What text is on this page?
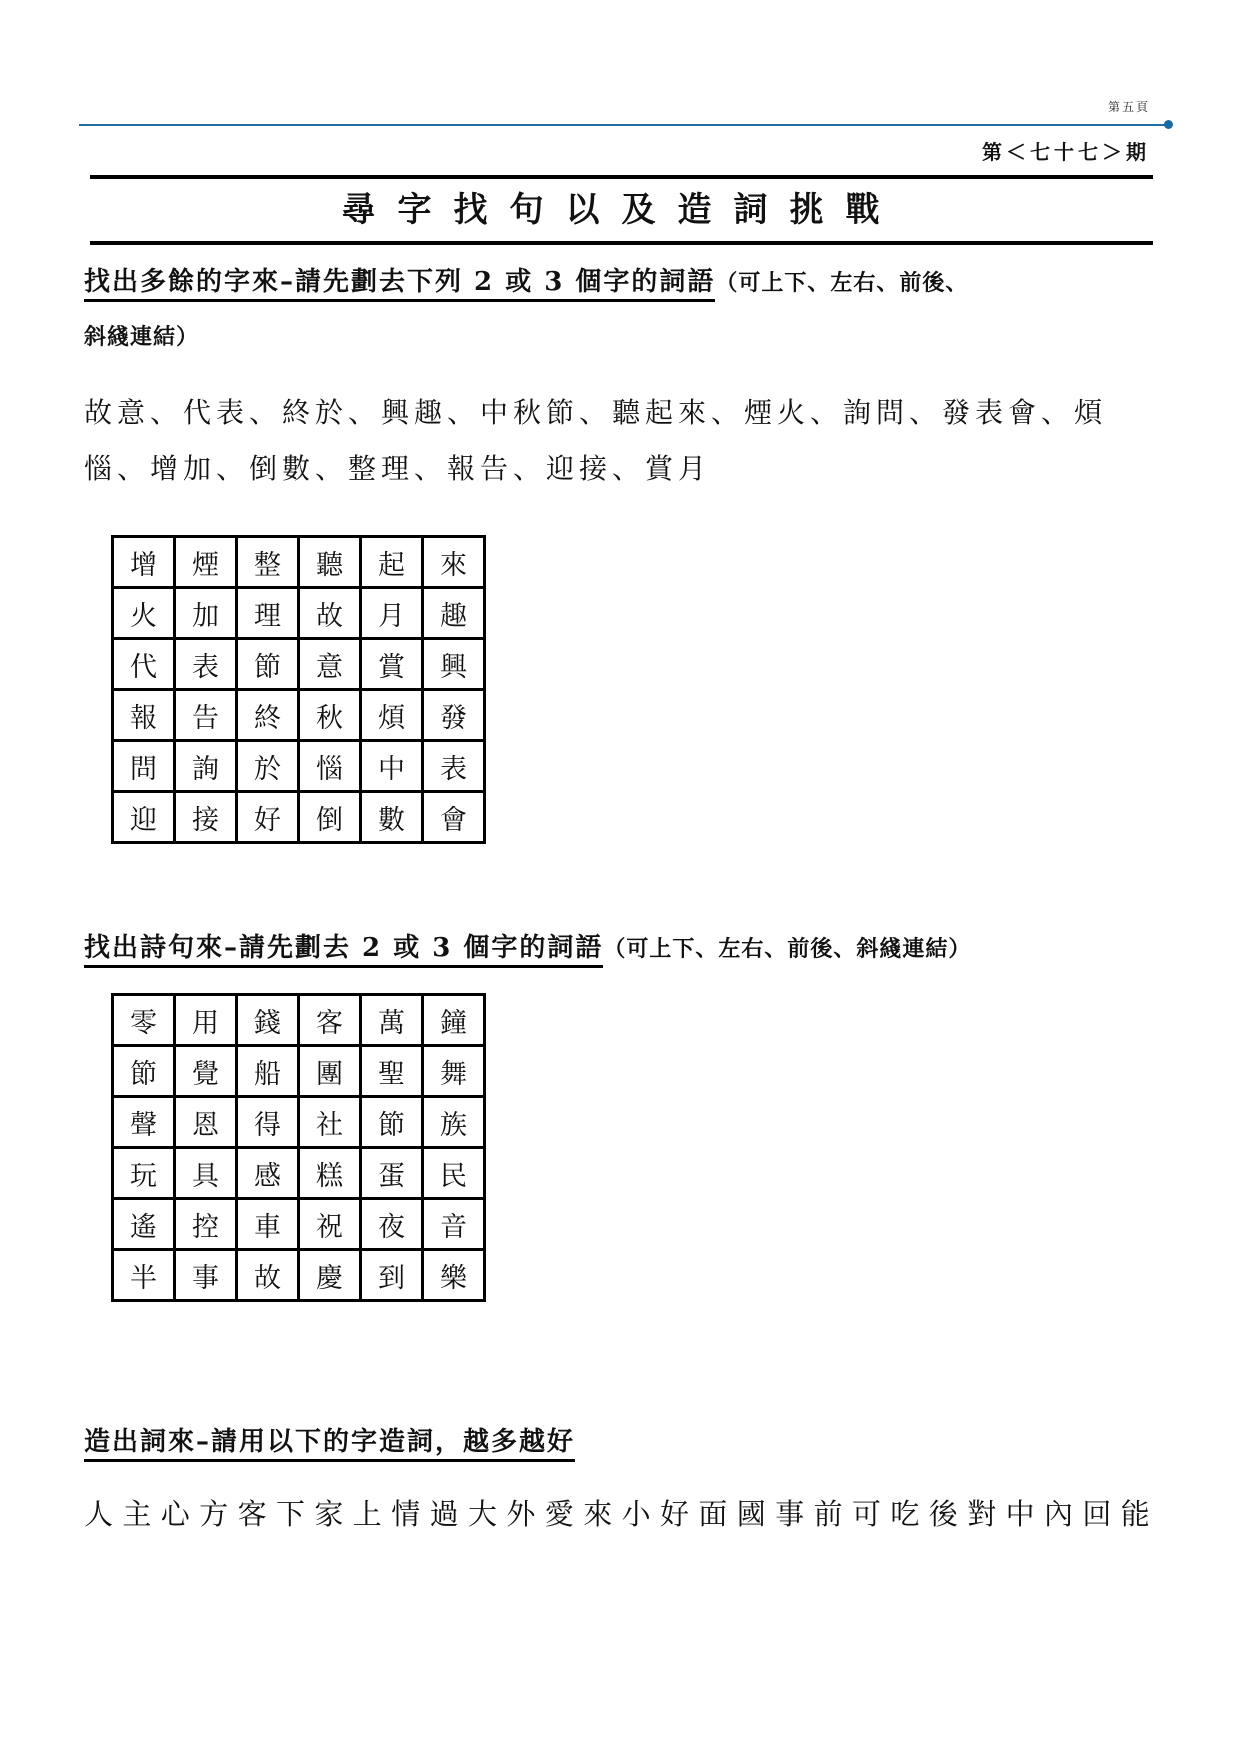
第五頁
第＜七十七＞期
尋字找句以及造詞挑戰
找出多餘的字來–請先劃去下列 2 或 3 個字的詞語（可上下、左右、前後、
斜綫連結）
故意、代表、終於、興趣、中秋節、聽起來、煙火、詢問、發表會、煩惱、增加、倒數、整理、報告、迎接、賞月
增	煙	整	聽	起	來
火	加	理	故	月	趣
代	表	節	意	賞	興
報	告	終	秋	煩	發
問	詢	於	惱	中	表
迎	接	好	倒	數	會
找出詩句來–請先劃去 2 或 3 個字的詞語（可上下、左右、前後、斜綫連結）
零	用	錢	客	萬	鐘
節	覺	船	團	聖	舞
聲	恩	得	社	節	族
玩	具	感	糕	蛋	民
遙	控	車	祝	夜	音
半	事	故	慶	到	樂
造出詞來–請用以下的字造詞，越多越好
人主心方客下家上情過大外愛來小好面國事前可吃後對中內回能
